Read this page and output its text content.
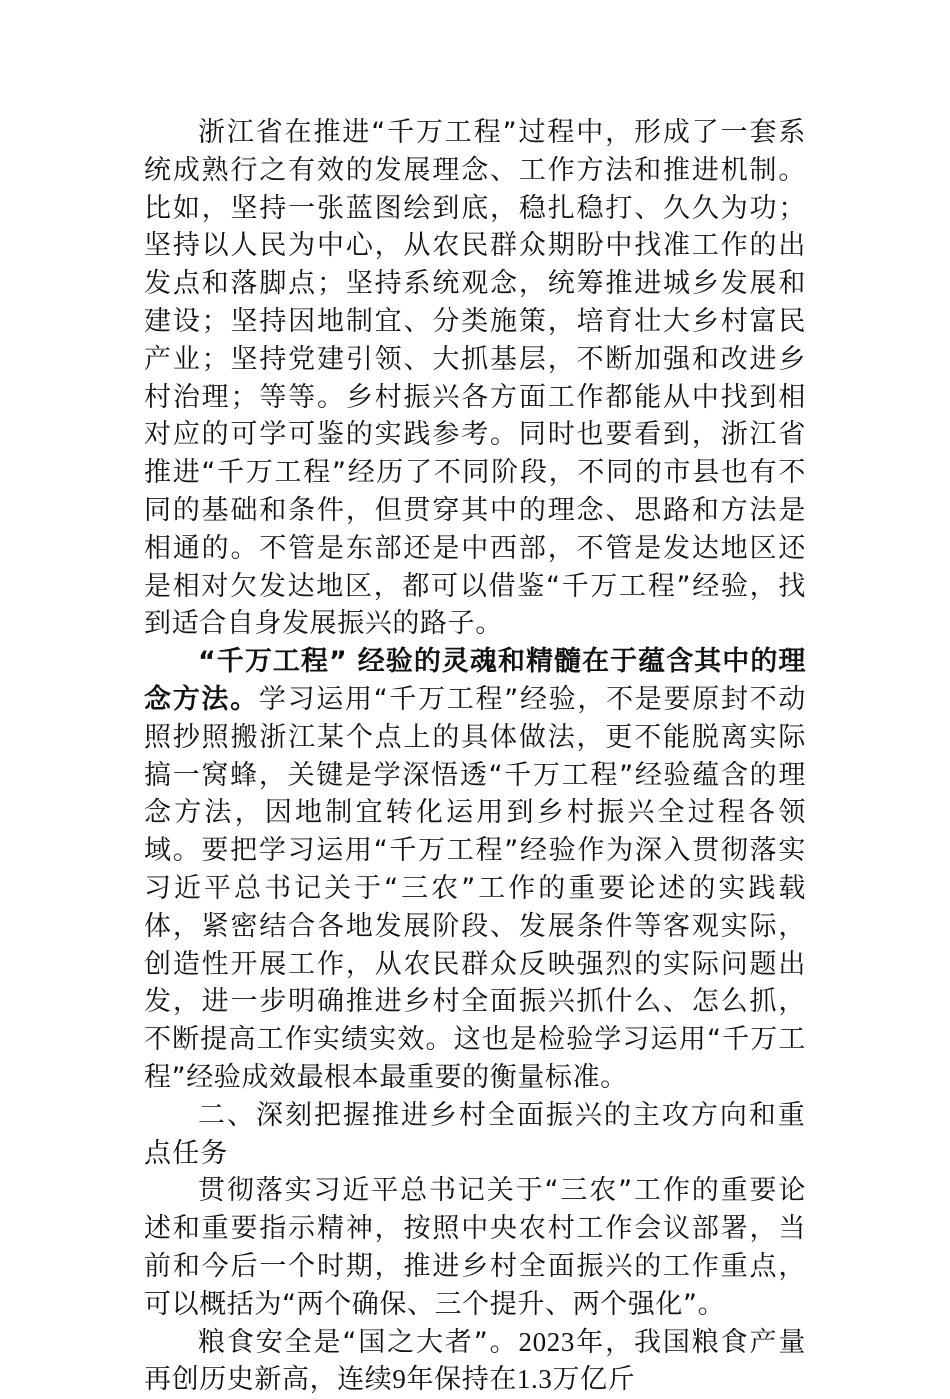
浙江省在推进“千万工程”过程中，形成了一套系统成熟行之有效的发展理念、工作方法和推进机制。比如，坚持一张蓝图绘到底，稳扎稳打、久久为功；坚持以人民为中心，从农民群众期盼中找准工作的出发点和落脚点；坚持系统观念，统筹推进城乡发展和建设；坚持因地制宜、分类施策，培育壮大乡村富民产业；坚持党建引领、大抓基层，不断加强和改进乡村治理；等等。乡村振兴各方面工作都能从中找到相对应的可学可鉴的实践参考。同时也要看到，浙江省推进“千万工程”经历了不同阶段，不同的市县也有不同的基础和条件，但贯穿其中的理念、思路和方法是相通的。不管是东部还是中西部，不管是发达地区还是相对欠发达地区，都可以借鉴“千万工程”经验，找到适合自身发展振兴的路子。

“千万工程” 经验的灵魂和精髓在于蕴含其中的理念方法。学习运用“千万工程”经验，不是要原封不动照抄照搬浙江某个点上的具体做法，更不能脱离实际搞一窝蜂，关键是学深悟透“千万工程”经验蕴含的理念方法，因地制宜转化运用到乡村振兴全过程各领域。要把学习运用“千万工程”经验作为深入贯彻落实习近平总书记关于“三农”工作的重要论述的实践载体，紧密结合各地发展阶段、发展条件等客观实际，创造性开展工作，从农民群众反映强烈的实际问题出发，进一步明确推进乡村全面振兴抓什么、怎么抓，不断提高工作实绩实效。这也是检验学习运用“千万工程”经验成效最根本最重要的衡量标准。

二、深刻把握推进乡村全面振兴的主攻方向和重点任务

贯彻落实习近平总书记关于“三农”工作的重要论述和重要指示精神，按照中央农村工作会议部署，当前和今后一个时期，推进乡村全面振兴的工作重点，可以概括为“两个确保、三个提升、两个强化”。

粮食安全是“国之大者”。2023年，我国粮食产量再创历史新高，连续9年保持在1.3万亿斤
